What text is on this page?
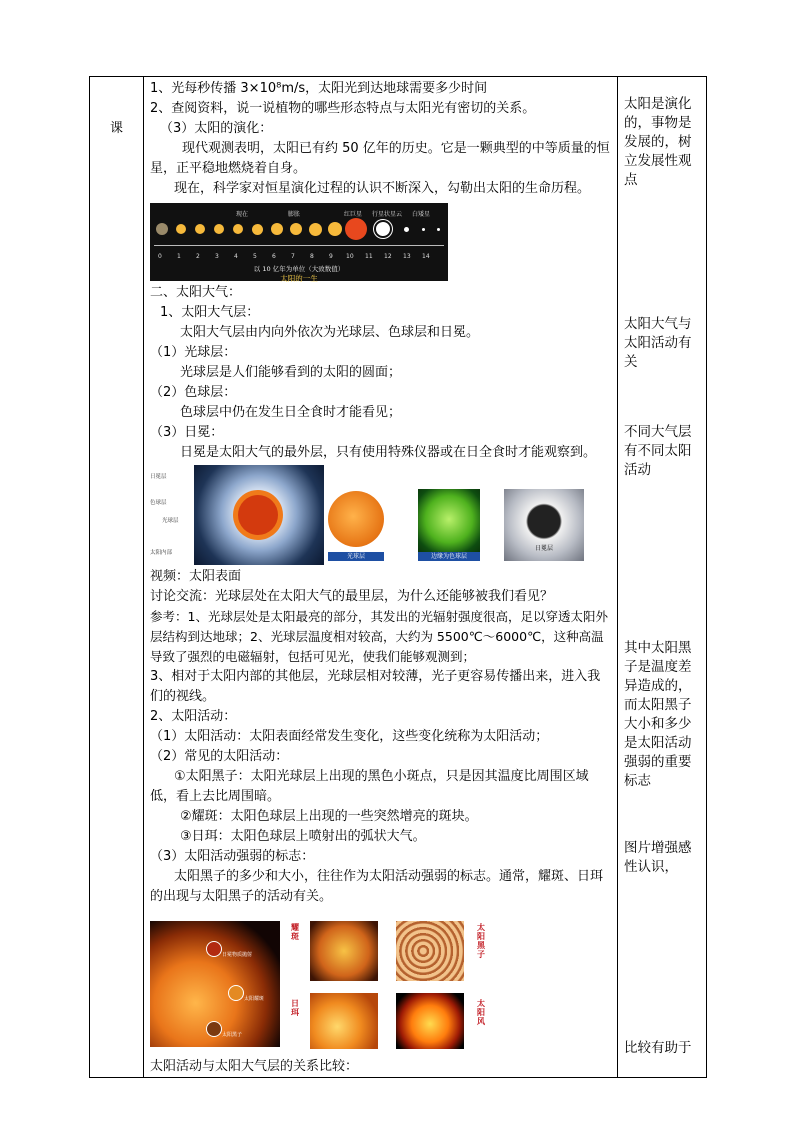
课

1、光每秒传播 3×10⁸m/s，太阳光到达地球需要多少时间

2、查阅资料，说一说植物的哪些形态特点与太阳光有密切的关系。

（3）太阳的演化：

现代观测表明，太阳已有约 50 亿年的历史。它是一颗典型的中等质量的恒星，正平稳地燃烧着自身。

现在，科学家对恒星演化过程的认识不断深入，勾勒出太阳的生命历程。

现在	膨胀	红巨星 行星状星云 白矮星
0	1	2	3	4	5	6	7	8	9 10 11 12 13 14
以 10 亿年为单位（大致数值）
太阳的一生

二、太阳大气：

1、太阳大气层：

太阳大气层由内向外依次为光球层、色球层和日冕。

（1）光球层：

光球层是人们能够看到的太阳的圆面；

（2）色球层：

色球层中仍在发生日全食时才能看见；

（3）日冕：

日冕是太阳大气的最外层，只有使用特殊仪器或在日全食时才能观察到。

日冕层
色球层
光球层
太阳内部	光球层	边缘为色球层
日冕层

视频：太阳表面

讨论交流：光球层处在太阳大气的最里层，为什么还能够被我们看见？

参考：1、光球层处是太阳最亮的部分，其发出的光辐射强度很高，足以穿透太阳外层结构到达地球；2、光球层温度相对较高，大约为 5500℃～6000℃，这种高温导致了强烈的电磁辐射，包括可见光，使我们能够观测到；

3、相对于太阳内部的其他层，光球层相对较薄，光子更容易传播出来，进入我们的视线。

2、太阳活动：

（1）太阳活动：太阳表面经常发生变化，这些变化统称为太阳活动；

（2）常见的太阳活动：

①太阳黑子：太阳光球层上出现的黑色小斑点，只是因其温度比周围区域低，看上去比周围暗。

②耀斑：太阳色球层上出现的一些突然增亮的斑块。

③日珥：太阳色球层上喷射出的弧状大气。

（3）太阳活动强弱的标志：

太阳黑子的多少和大小，往往作为太阳活动强弱的标志。通常，耀斑、日珥的出现与太阳黑子的活动有关。

日冕物质抛射
太阳耀斑
太阳黑子
耀斑
太阳黑子
日珥
太阳风

太阳活动与太阳大气层的关系比较：

太阳是演化的，事物是发展的，树立发展性观点
太阳大气与太阳活动有关
不同大气层有不同太阳活动
其中太阳黑子是温度差异造成的，而太阳黑子大小和多少是太阳活动强弱的重要标志
图片增强感性认识，
比较有助于
